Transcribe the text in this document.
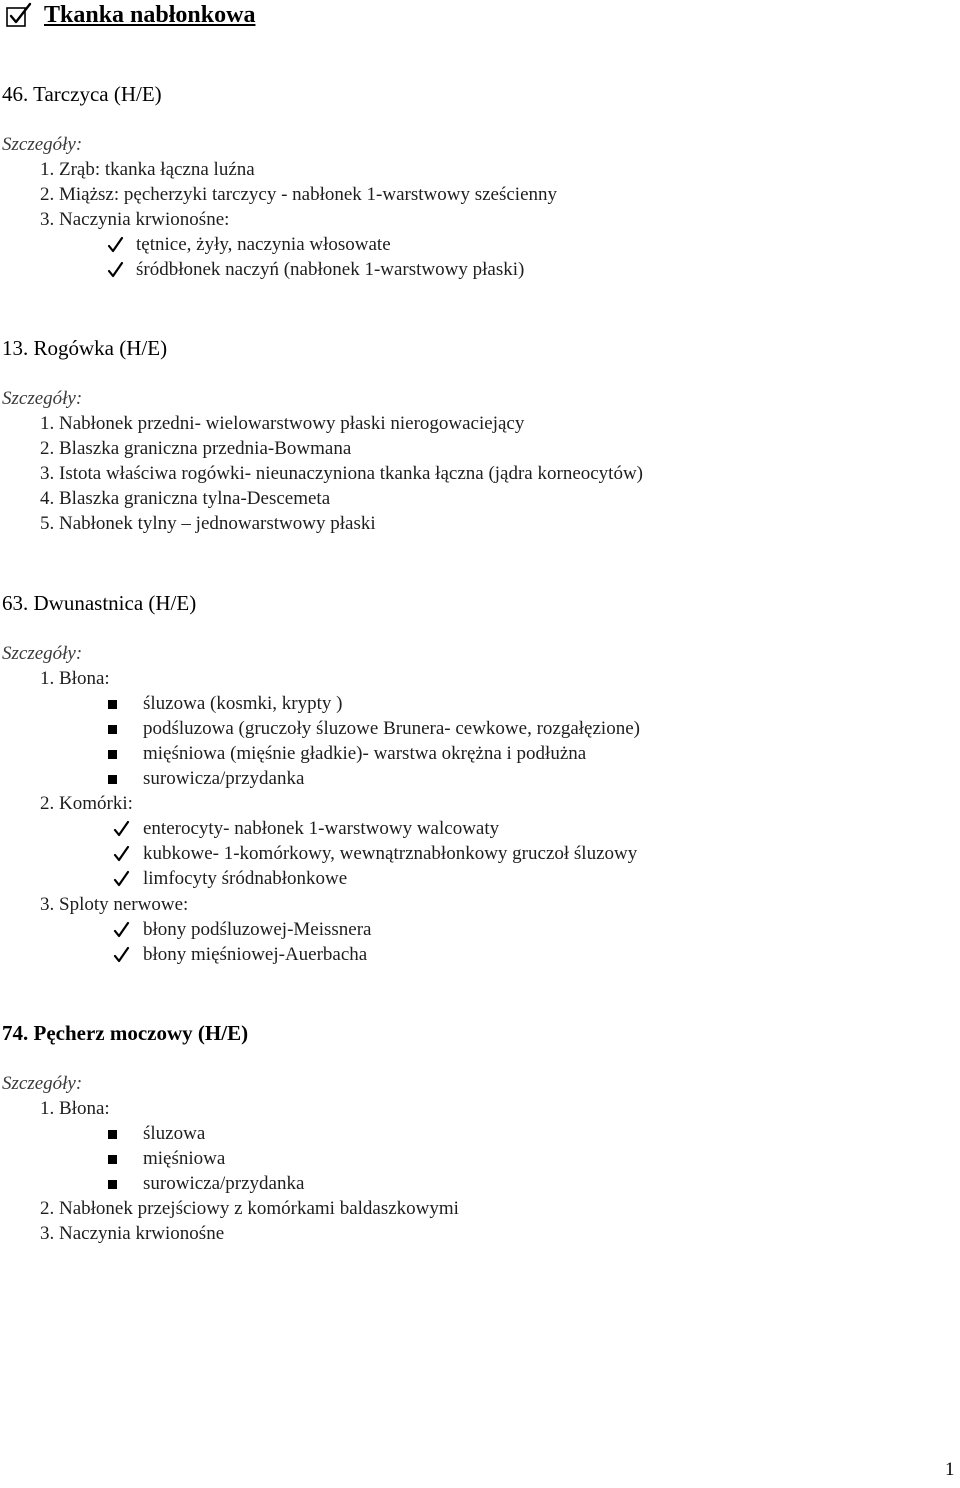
Tkanka nabłonkowa
46. Tarczyca (H/E)
Szczegóły:
1. Zrąb: tkanka łączna luźna
2. Miąższ: pęcherzyki tarczycy - nabłonek 1-warstwowy sześcienny
3. Naczynia krwionośne:
tętnice, żyły, naczynia włosowate
śródbłonek naczyń (nabłonek 1-warstwowy płaski)
13. Rogówka (H/E)
Szczegóły:
1. Nabłonek przedni- wielowarstwowy płaski nierogowaciejący
2. Blaszka graniczna przednia-Bowmana
3. Istota właściwa rogówki- nieunaczyniona tkanka łączna (jądra korneocytów)
4. Blaszka graniczna tylna-Descemeta
5. Nabłonek tylny – jednowarstwowy płaski
63. Dwunastnica (H/E)
Szczegóły:
1. Błona:
śluzowa (kosmki, krypty )
podśluzowa (gruczoły śluzowe Brunera- cewkowe, rozgałęzione)
mięśniowa (mięśnie gładkie)- warstwa okrężna i podłużna
surowicza/przydanka
2. Komórki:
enterocyty- nabłonek 1-warstwowy walcowaty
kubkowe- 1-komórkowy, wewnątrznabłonkowy gruczoł śluzowy
limfocyty śródnabłonkowe
3. Sploty nerwowe:
błony podśluzowej-Meissnera
błony mięśniowej-Auerbacha
74. Pęcherz moczowy (H/E)
Szczegóły:
1. Błona:
śluzowa
mięśniowa
surowicza/przydanka
2. Nabłonek przejściowy z komórkami baldaszkowymi
3. Naczynia krwionośne
1
